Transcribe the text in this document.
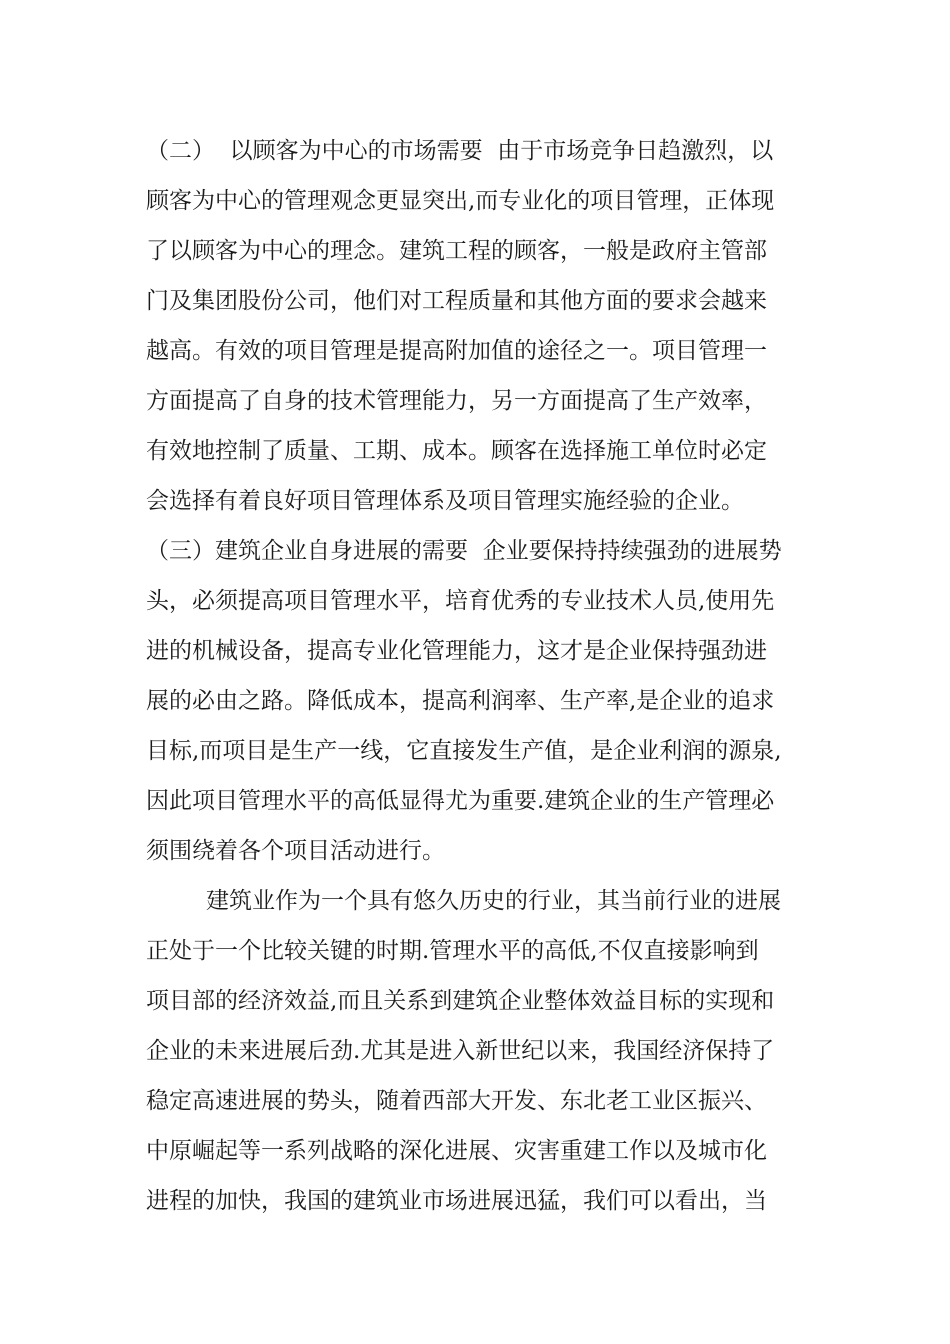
（二）  以顾客为中心的市场需要  由于市场竞争日趋激烈，以
顾客为中心的管理观念更显突出,而专业化的项目管理，正体现
了以顾客为中心的理念。建筑工程的顾客，一般是政府主管部
门及集团股份公司，他们对工程质量和其他方面的要求会越来
越高。有效的项目管理是提高附加值的途径之一。项目管理一
方面提高了自身的技术管理能力，另一方面提高了生产效率，
有效地控制了质量、工期、成本。顾客在选择施工单位时必定
会选择有着良好项目管理体系及项目管理实施经验的企业。
（三）建筑企业自身进展的需要  企业要保持持续强劲的进展势
头，必须提高项目管理水平，培育优秀的专业技术人员,使用先
进的机械设备，提高专业化管理能力，这才是企业保持强劲进
展的必由之路。降低成本，提高利润率、生产率,是企业的追求
目标,而项目是生产一线，它直接发生产值，是企业利润的源泉,
因此项目管理水平的高低显得尤为重要.建筑企业的生产管理必
须围绕着各个项目活动进行。
建筑业作为一个具有悠久历史的行业，其当前行业的进展
正处于一个比较关键的时期.管理水平的高低,不仅直接影响到
项目部的经济效益,而且关系到建筑企业整体效益目标的实现和
企业的未来进展后劲.尤其是进入新世纪以来，我国经济保持了
稳定高速进展的势头，随着西部大开发、东北老工业区振兴、
中原崛起等一系列战略的深化进展、灾害重建工作以及城市化
进程的加快，我国的建筑业市场进展迅猛，我们可以看出，当
